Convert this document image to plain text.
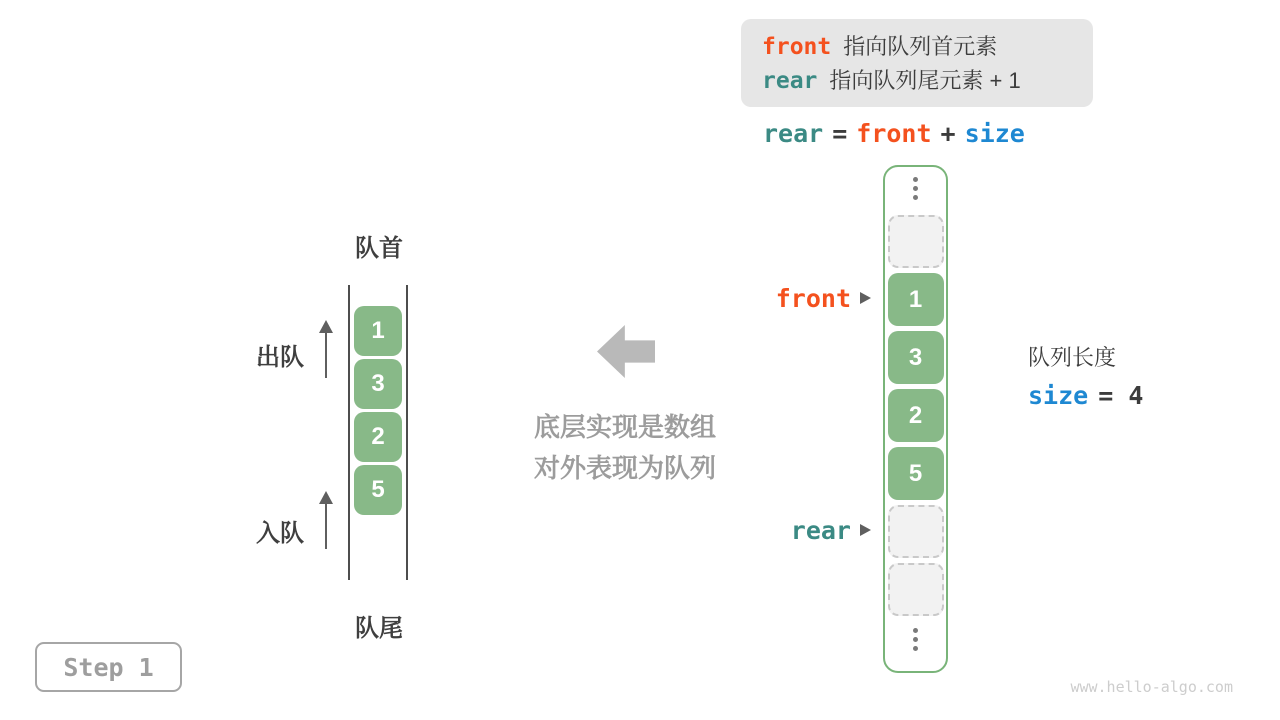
front 指向队列首元素
rear 指向队列尾元素 + 1
rear = front + size
队首
队尾
1
3
2
5
出队
入队
底层实现是数组
对外表现为队列
1
3
2
5
front
rear
队列长度
size = 4
Step 1
www.hello-algo.com
